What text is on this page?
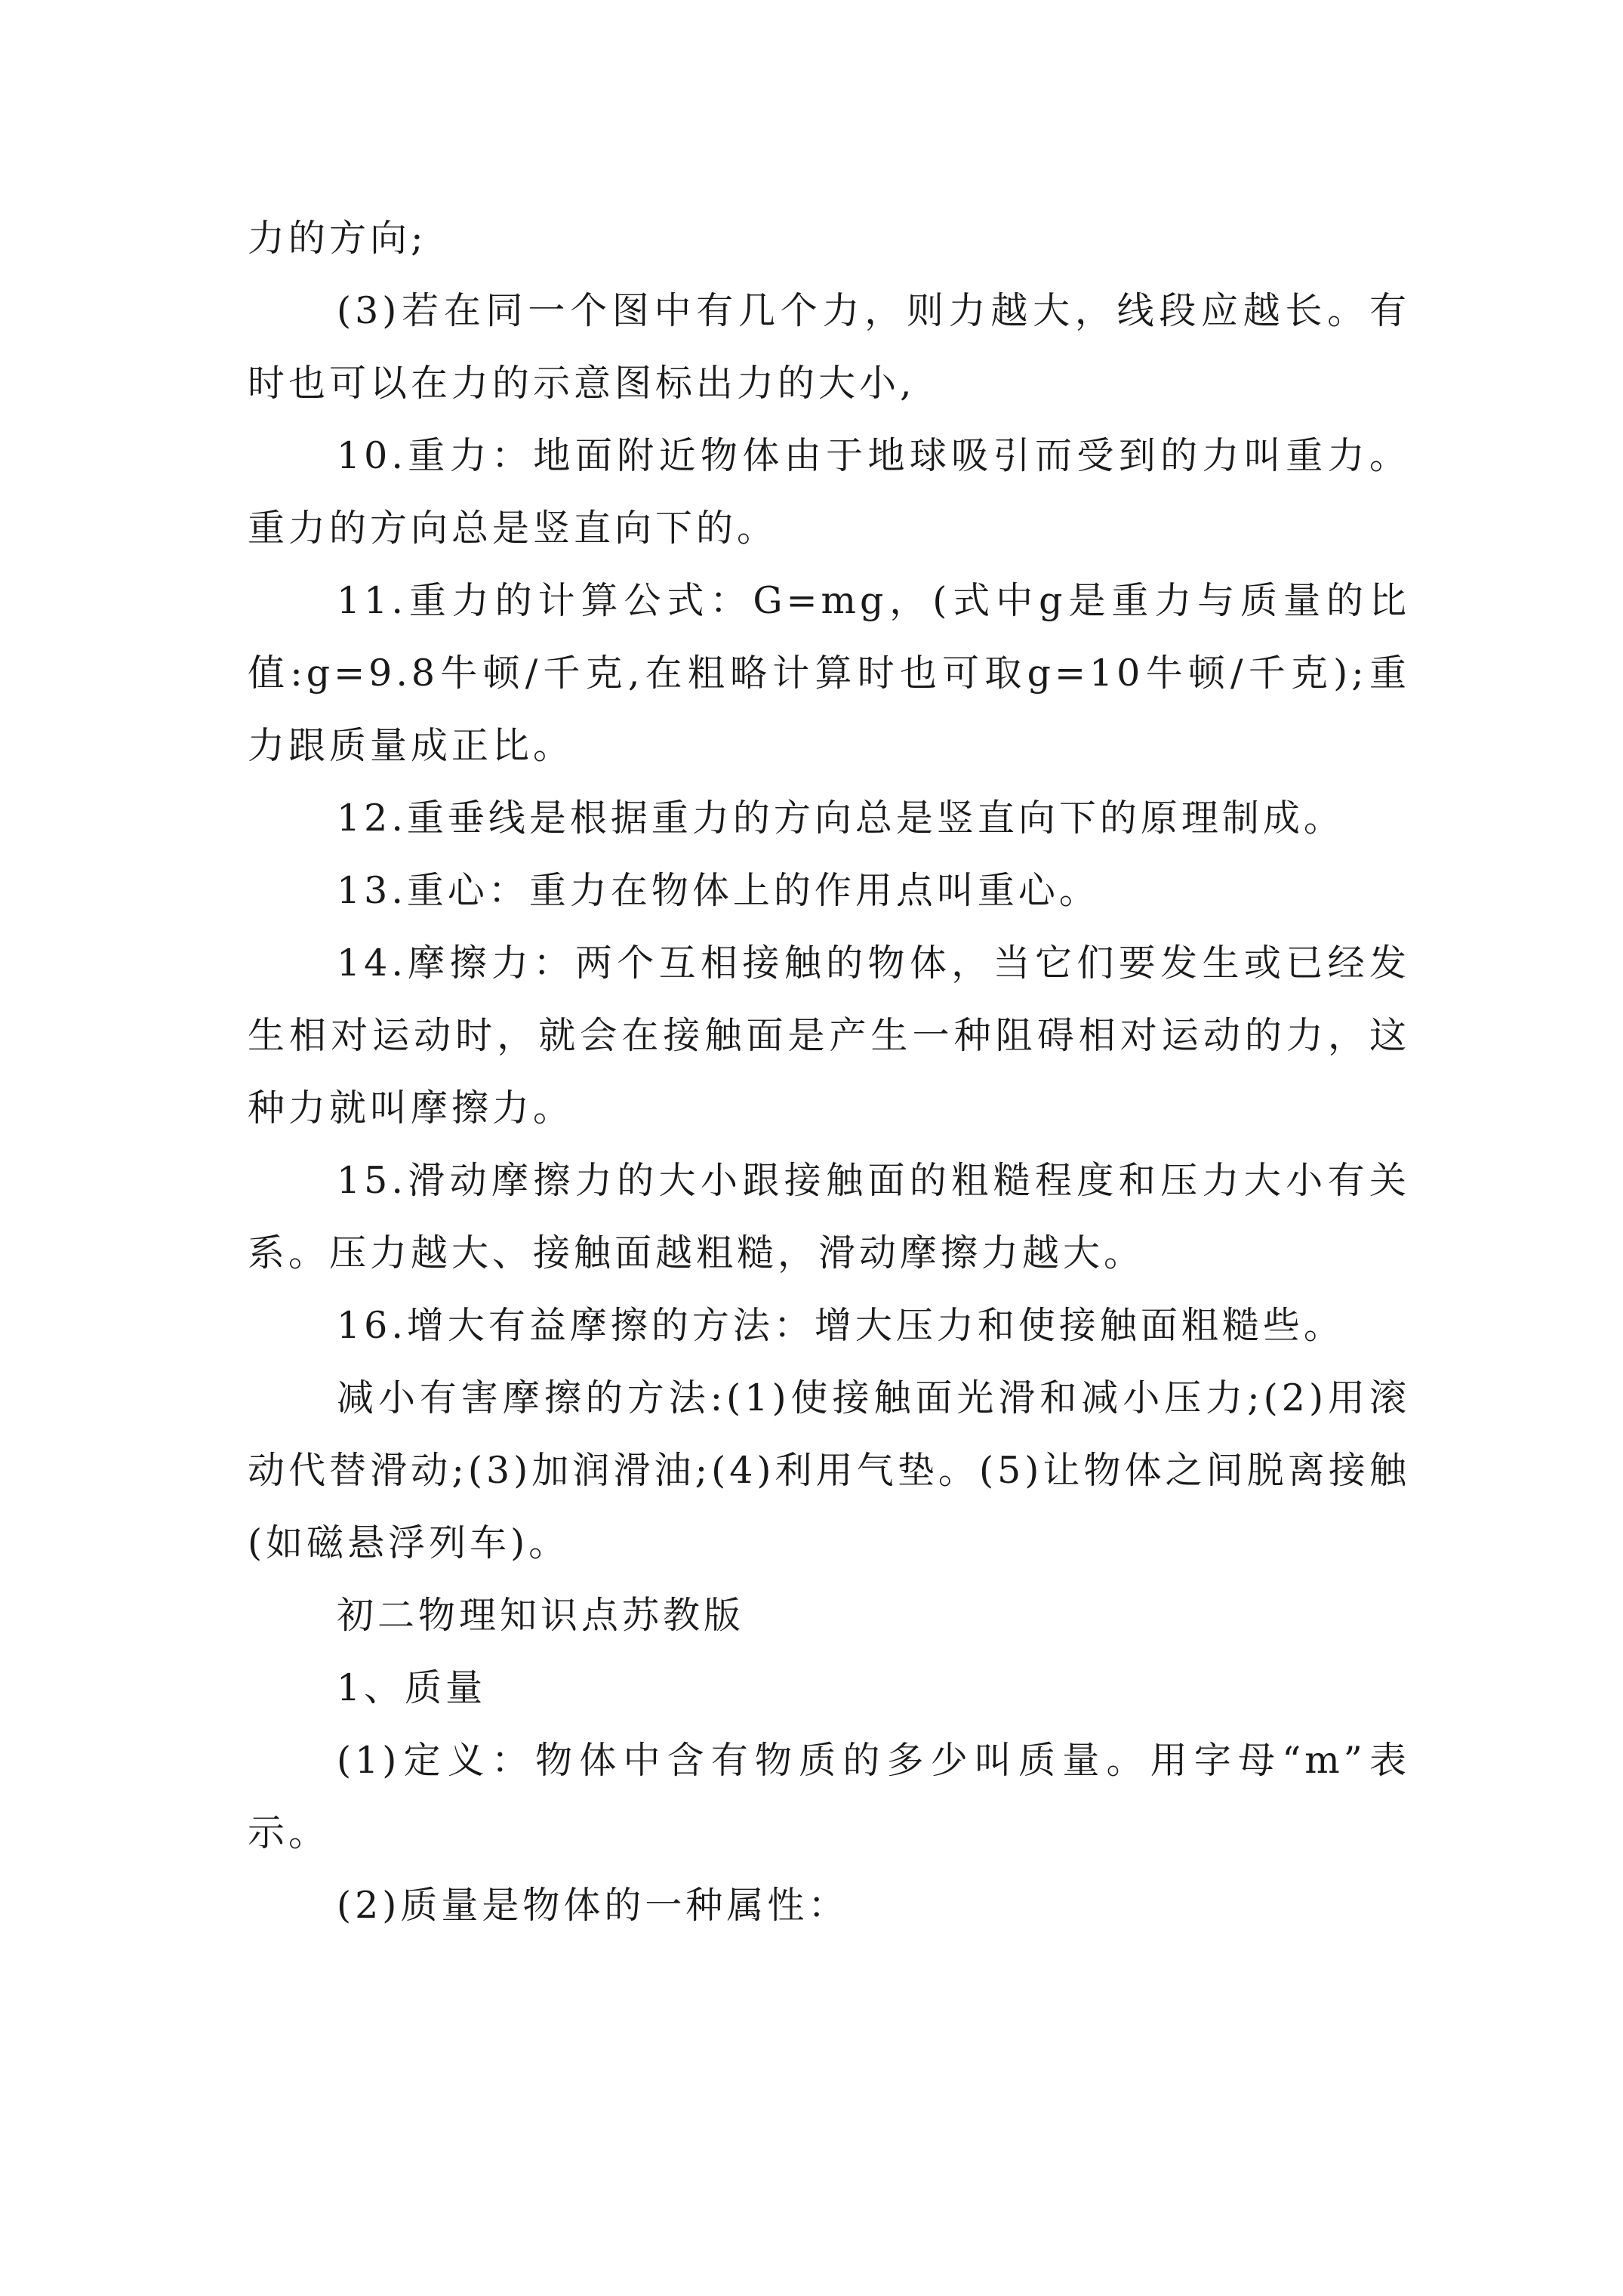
力的方向;

(3)若在同一个图中有几个力，则力越大，线段应越长。有时也可以在力的示意图标出力的大小,

10.重力：地面附近物体由于地球吸引而受到的力叫重力。重力的方向总是竖直向下的。

11.重力的计算公式：G=mg，(式中g是重力与质量的比值:g=9.8牛顿/千克,在粗略计算时也可取g=10牛顿/千克);重力跟质量成正比。

12.重垂线是根据重力的方向总是竖直向下的原理制成。

13.重心：重力在物体上的作用点叫重心。

14.摩擦力：两个互相接触的物体，当它们要发生或已经发生相对运动时，就会在接触面是产生一种阻碍相对运动的力，这种力就叫摩擦力。

15.滑动摩擦力的大小跟接触面的粗糙程度和压力大小有关系。压力越大、接触面越粗糙，滑动摩擦力越大。

16.增大有益摩擦的方法：增大压力和使接触面粗糙些。

减小有害摩擦的方法:(1)使接触面光滑和减小压力;(2)用滚动代替滑动;(3)加润滑油;(4)利用气垫。(5)让物体之间脱离接触(如磁悬浮列车)。

初二物理知识点苏教版

1、质量

(1)定义：物体中含有物质的多少叫质量。用字母“m”表示。

(2)质量是物体的一种属性：
